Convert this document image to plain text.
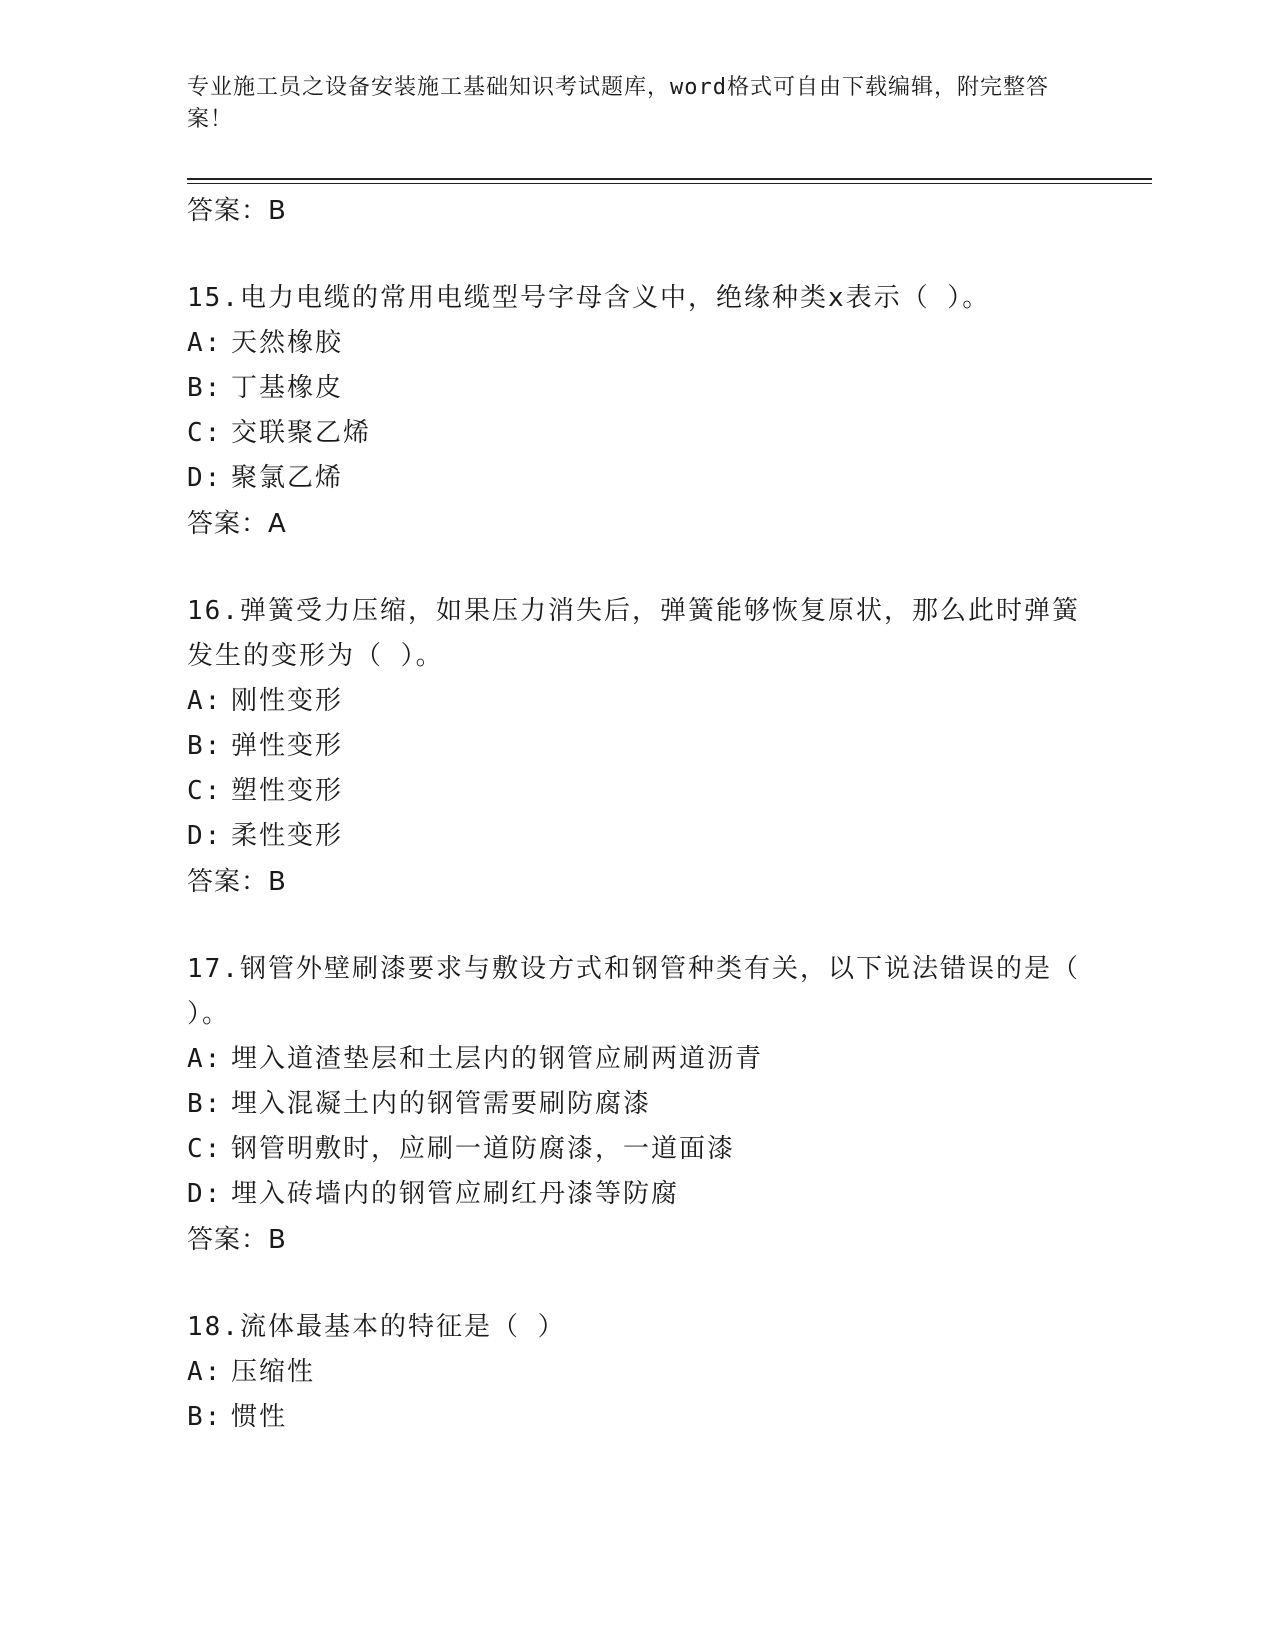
专业施工员之设备安装施工基础知识考试题库，word格式可自由下载编辑，附完整答案！

答案：B

15.电力电缆的常用电缆型号字母含义中，绝缘种类x表示（ ）。

A: 天然橡胶

B: 丁基橡皮

C: 交联聚乙烯

D: 聚氯乙烯

答案：A

16.弹簧受力压缩，如果压力消失后，弹簧能够恢复原状，那么此时弹簧发生的变形为（ ）。

A: 刚性变形

B: 弹性变形

C: 塑性变形

D: 柔性变形

答案：B

17.钢管外壁刷漆要求与敷设方式和钢管种类有关，以下说法错误的是（ ）。

A: 埋入道渣垫层和土层内的钢管应刷两道沥青

B: 埋入混凝土内的钢管需要刷防腐漆

C: 钢管明敷时，应刷一道防腐漆，一道面漆

D: 埋入砖墙内的钢管应刷红丹漆等防腐

答案：B

18.流体最基本的特征是（ ）

A: 压缩性

B: 惯性
